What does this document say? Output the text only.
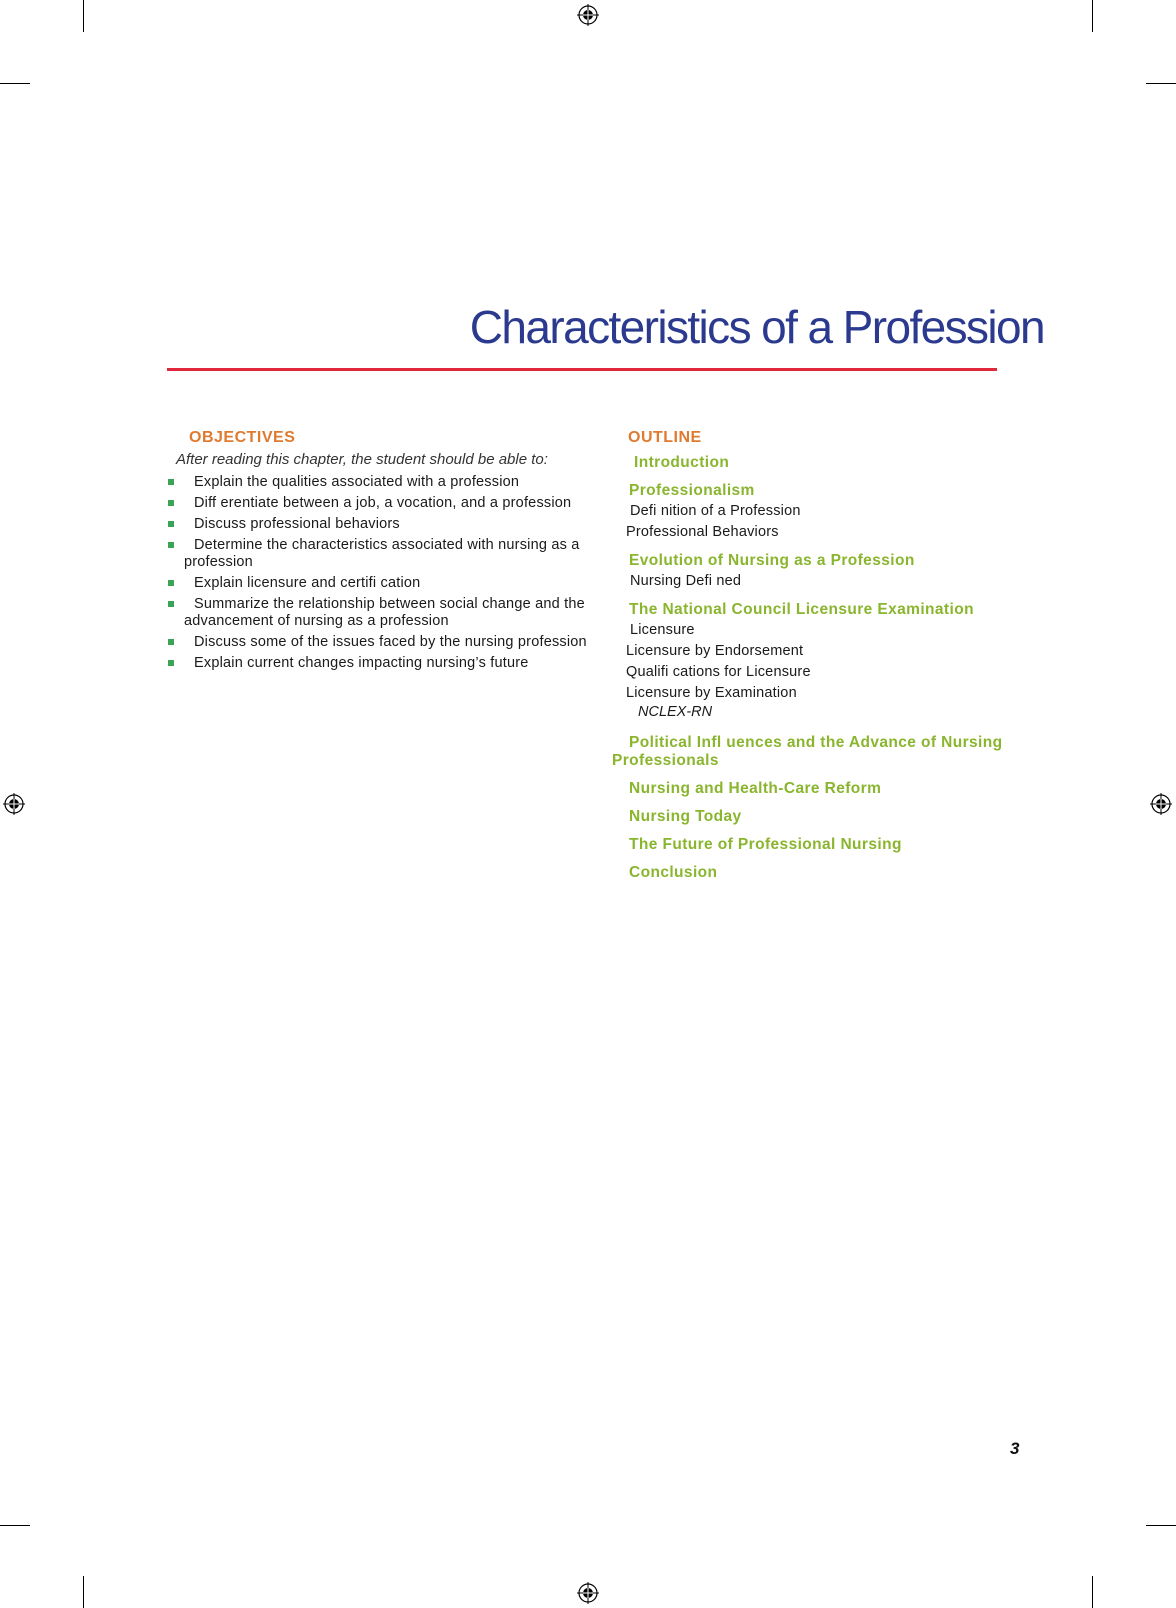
Characteristics of a Profession
OBJECTIVES
After reading this chapter, the student should be able to:
Explain the qualities associated with a profession
Diff erentiate between a job, a vocation, and a profession
Discuss professional behaviors
Determine the characteristics associated with nursing as a profession
Explain licensure and certifi cation
Summarize the relationship between social change and the advancement of nursing as a profession
Discuss some of the issues faced by the nursing profession
Explain current changes impacting nursing’s future
OUTLINE
Introduction
Professionalism
Defi nition of a Profession
Professional Behaviors
Evolution of Nursing as a Profession
Nursing Defi ned
The National Council Licensure Examination
Licensure
Licensure by Endorsement
Qualifi cations for Licensure
Licensure by Examination
NCLEX-RN
Political Infl uences and the Advance of Nursing Professionals
Nursing and Health-Care Reform
Nursing Today
The Future of Professional Nursing
Conclusion
3
